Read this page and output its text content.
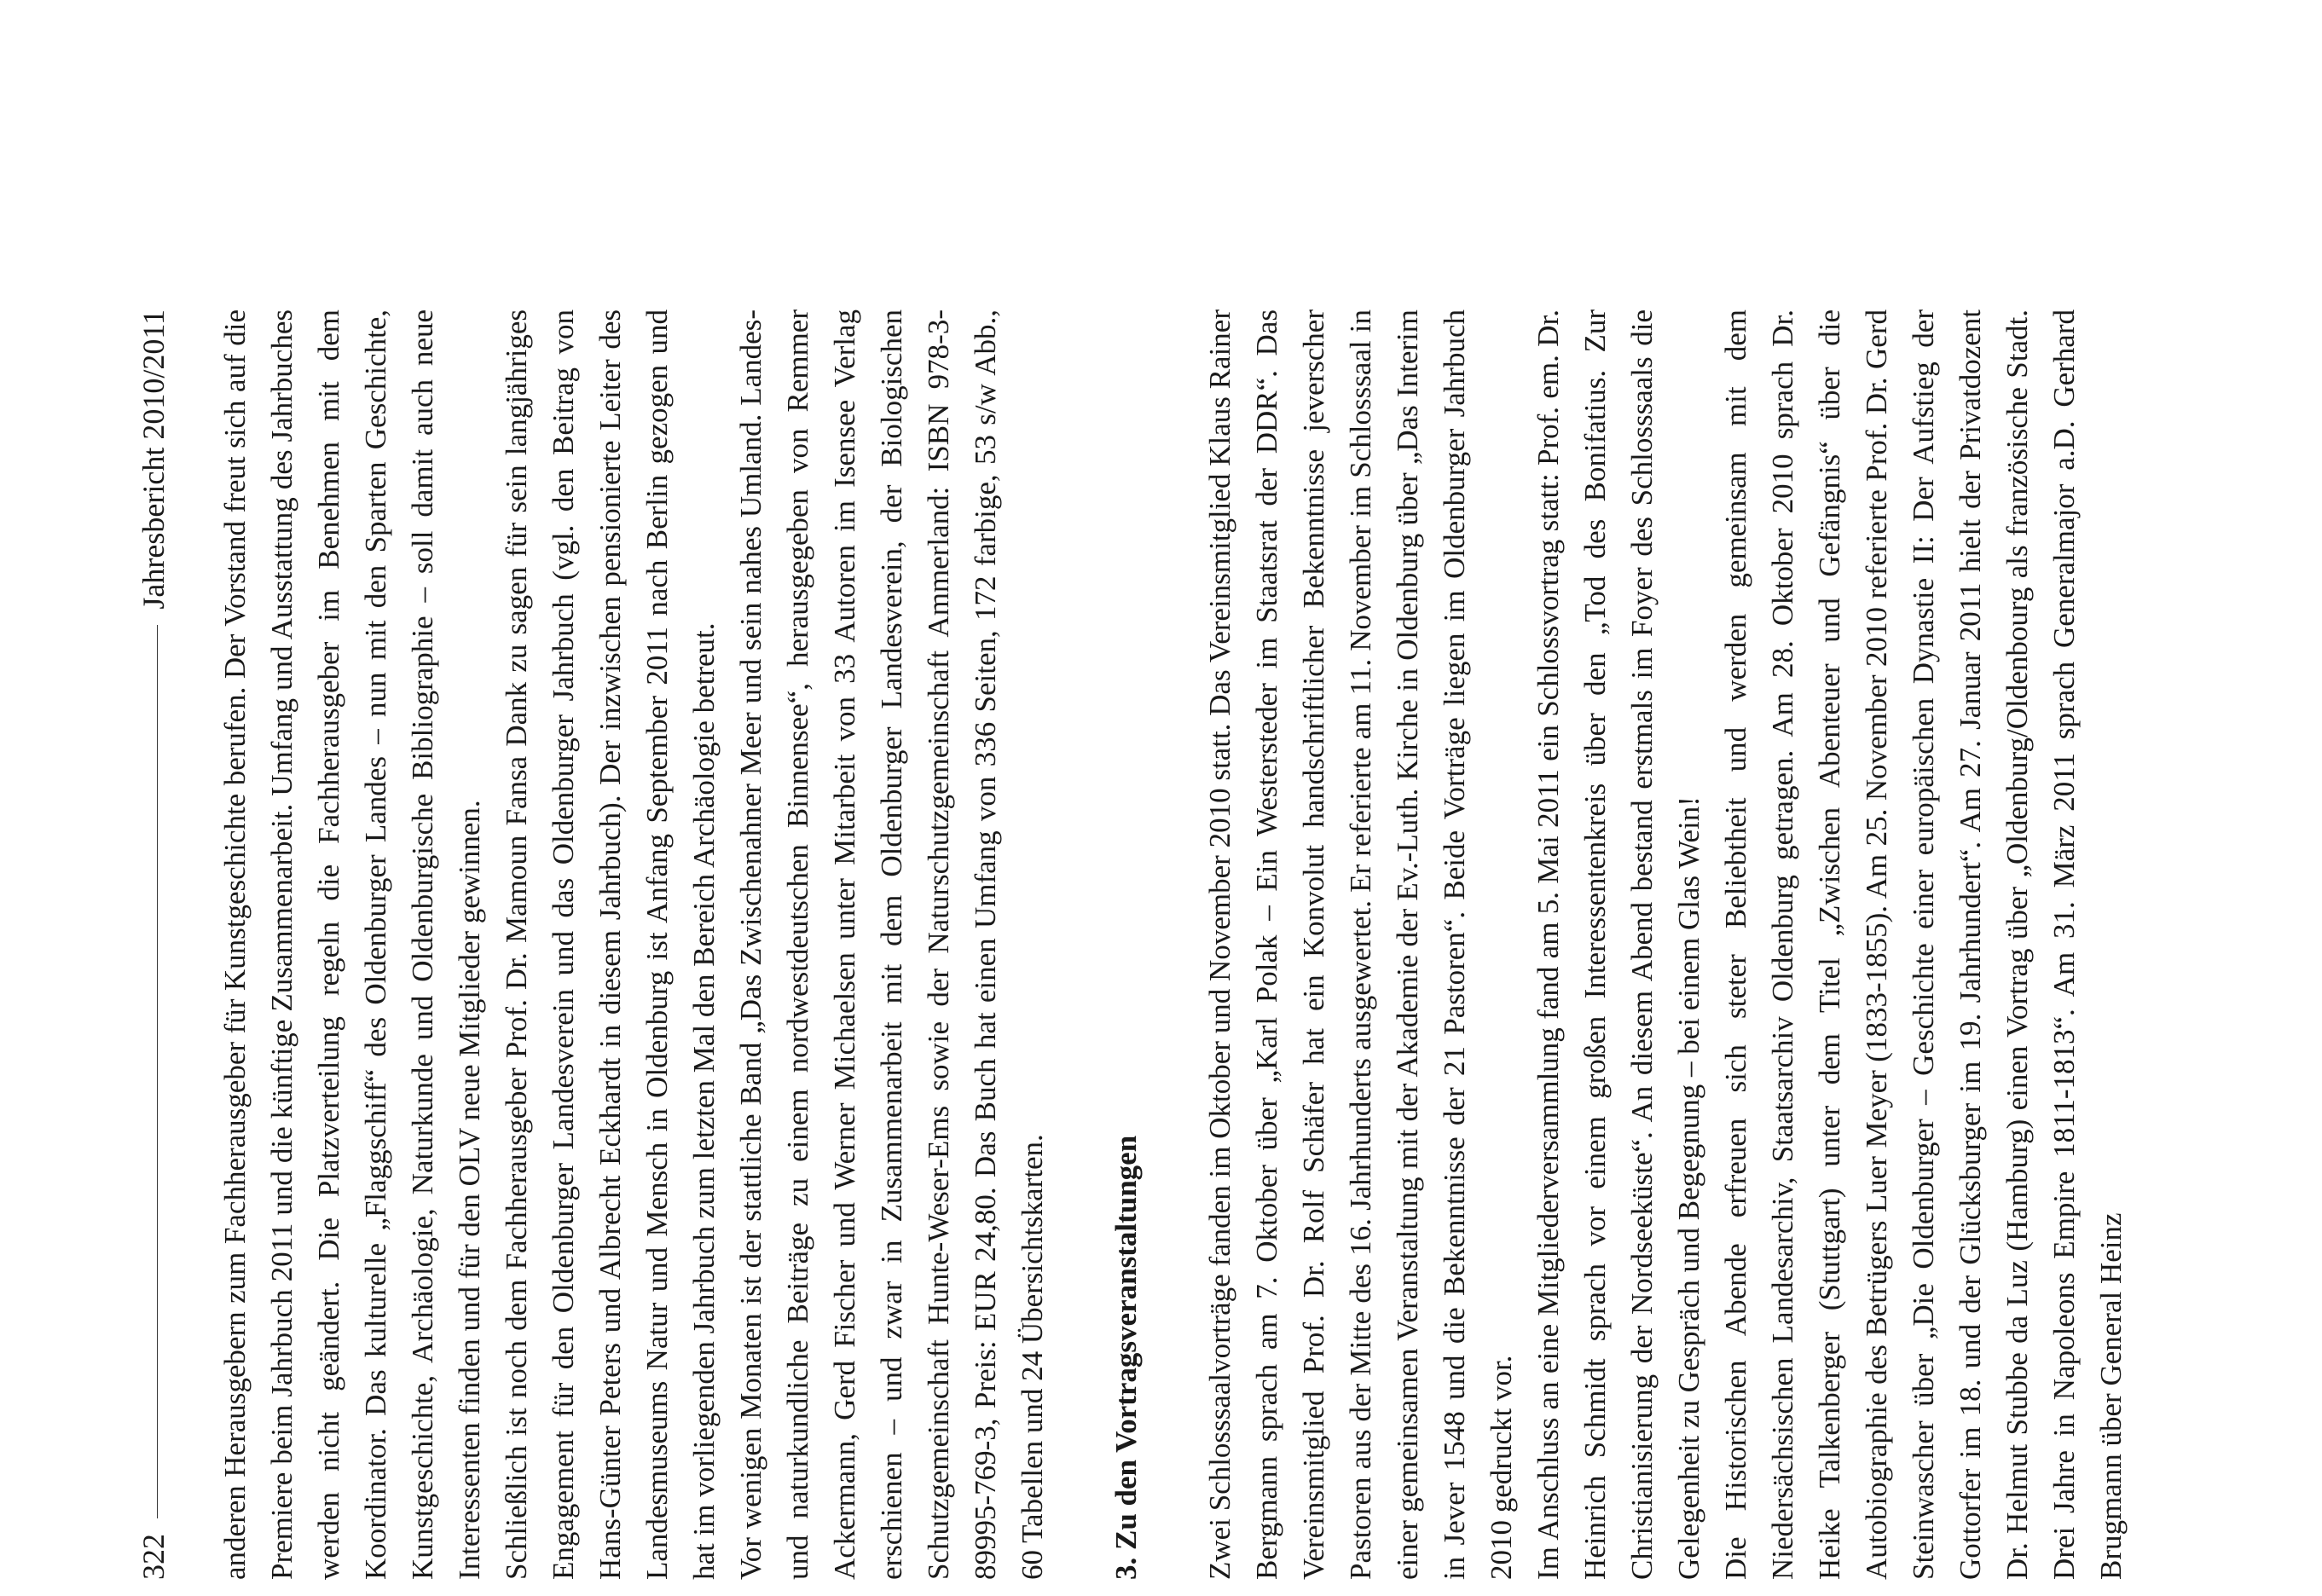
322
Jahresbericht 2010/2011 anderen Herausgebern zum Fachherausgeber für Kunstgeschichte berufen. Der Vorstand freut sich auf die Premiere beim Jahrbuch 2011 und die künftige Zusammenarbeit. Umfang und Ausstattung des Jahrbuches werden nicht geändert. Die Platzverteilung regeln die Fachherausgeber im Benehmen mit dem Koordinator. Das kulturelle „Flaggschiff“ des Oldenburger Landes – nun mit den Sparten Geschichte, Kunstgeschichte, Archäologie, Naturkunde und Oldenburgische Bibliographie – soll damit auch neue Interessenten finden und für den OLV neue Mitglieder gewinnen. Schließlich ist noch dem Fachherausgeber Prof. Dr. Mamoun Fansa Dank zu sagen für sein langjähriges Engagement für den Oldenburger Landesverein und das Oldenburger Jahrbuch (vgl. den Beitrag von Hans-Günter Peters und Albrecht Eckhardt in diesem Jahrbuch). Der inzwischen pensionierte Leiter des Landesmuseums Natur und Mensch in Oldenburg ist Anfang September 2011 nach Berlin gezogen und hat im vorliegenden Jahrbuch zum letzten Mal den Bereich Archäologie betreut. Vor wenigen Monaten ist der stattliche Band „Das Zwischenahner Meer und sein nahes Umland. Landes- und naturkundliche Beiträge zu einem nordwestdeutschen Binnensee“, herausgegeben von Remmer Ackermann, Gerd Fischer und Werner Michaelsen unter Mitarbeit von 33 Autoren im Isensee Verlag erschienen – und zwar in Zusammenarbeit mit dem Oldenburger Landesverein, der Biologischen Schutzgemeinschaft Hunte-Weser-Ems sowie der Naturschutzgemeinschaft Ammerland: ISBN 978-3-89995-769-3, Preis: EUR 24,80. Das Buch hat einen Umfang von 336 Seiten, 172 farbige, 53 s/w Abb., 60 Tabellen und 24 Übersichtskarten. 3. Zu den Vortragsveranstaltungen Zwei Schlosssaalvorträge fanden im Oktober und November 2010 statt. Das Vereinsmitglied Klaus Rainer Bergmann sprach am 7. Oktober über „Karl Polak – Ein Westersteder im Staatsrat der DDR“. Das Vereinsmitglied Prof. Dr. Rolf Schäfer hat ein Konvolut handschriftlicher Bekenntnisse jeverscher Pastoren aus der Mitte des 16. Jahrhunderts ausgewertet. Er referierte am 11. November im Schlosssaal in einer gemeinsamen Veranstaltung mit der Akademie der Ev.-Luth. Kirche in Oldenburg über „Das Interim in Jever 1548 und die Bekenntnisse der 21 Pastoren“. Beide Vorträge liegen im Oldenburger Jahrbuch 2010 gedruckt vor. Im Anschluss an eine Mitgliederversammlung fand am 5. Mai 2011 ein Schlossvortrag statt: Prof. em. Dr. Heinrich Schmidt sprach vor einem großen Interessentenkreis über den „Tod des Bonifatius. Zur Christianisierung der Nordseeküste“. An diesem Abend bestand erstmals im Foyer des Schlosssaals die Gelegenheit zu Gespräch und Begegnung – bei einem Glas Wein! Die Historischen Abende erfreuen sich steter Beliebtheit und werden gemeinsam mit dem Niedersächsischen Landesarchiv, Staatsarchiv Oldenburg getragen. Am 28. Oktober 2010 sprach Dr. Heike Talkenberger (Stuttgart) unter dem Titel „Zwischen Abenteuer und Gefängnis“ über die Autobiographie des Betrügers Luer Meyer (1833-1855). Am 25. November 2010 referierte Prof. Dr. Gerd Steinwascher über „Die Oldenburger – Geschichte einer europäischen Dynastie II: Der Aufstieg der Gottorfer im 18. und der Glücksburger im 19. Jahrhundert“. Am 27. Januar 2011 hielt der Privatdozent Dr. Helmut Stubbe da Luz (Hamburg) einen Vortrag über „Oldenburg/Oldenbourg als französische Stadt. Drei Jahre in Napoleons Empire 1811-1813“. Am 31. März 2011 sprach Generalmajor a.D. Gerhard Brugmann über General Heinz
